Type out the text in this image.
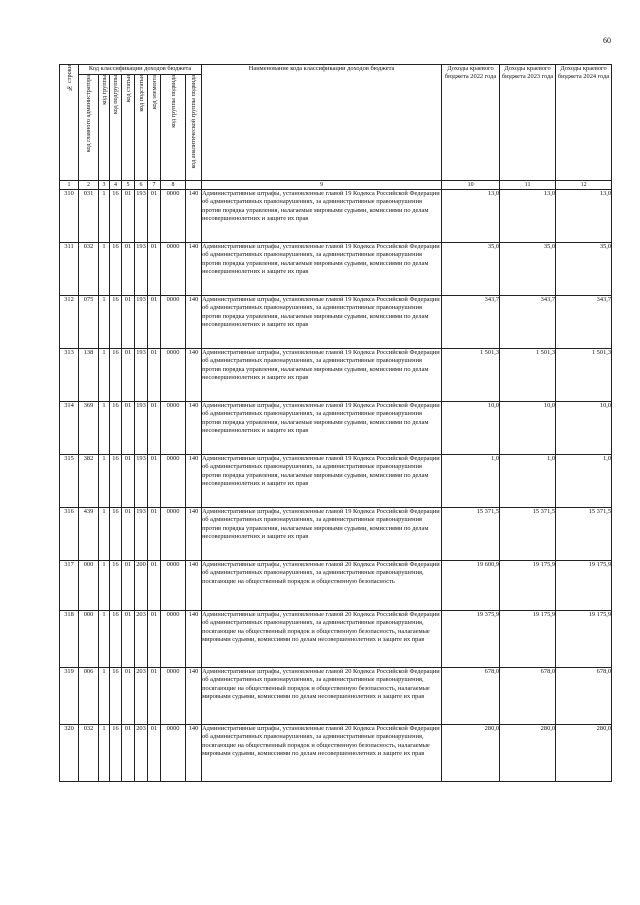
60
№ строки	Код классификации доходов бюджета								Наименование кода классификации доходов бюджета	Доходы краевого бюджета 2022 года	Доходы краевого бюджета 2023 года	Доходы краевого бюджета 2024 года
	код главного администратора	код группы	код подгруппы	код статьи	код подстатьи	код элемента	код группы подвида	код аналитической группы подвида				
1	2	3	4	5	6	7	8		9	10	11	12
310	031	1	16	01	193	01	0000	140	Административные штрафы, установленные главой 19 Кодекса Российской Федерации об административных правонарушениях, за административные правонарушения против порядка управления, налагаемые мировыми судьями, комиссиями по делам несовершеннолетних и защите их прав	13,0	13,0	13,0
311	032	1	16	01	193	01	0000	140	Административные штрафы, установленные главой 19 Кодекса Российской Федерации об административных правонарушениях, за административные правонарушения против порядка управления, налагаемые мировыми судьями, комиссиями по делам несовершеннолетних и защите их прав	35,0	35,0	35,0
312	075	1	16	01	193	01	0000	140	Административные штрафы, установленные главой 19 Кодекса Российской Федерации об административных правонарушениях, за административные правонарушения против порядка управления, налагаемые мировыми судьями, комиссиями по делам несовершеннолетних и защите их прав	343,7	343,7	343,7
313	138	1	16	01	193	01	0000	140	Административные штрафы, установленные главой 19 Кодекса Российской Федерации об административных правонарушениях, за административные правонарушения против порядка управления, налагаемые мировыми судьями, комиссиями по делам несовершеннолетних и защите их прав	1 501,3	1 501,3	1 501,3
314	369	1	16	01	193	01	0000	140	Административные штрафы, установленные главой 19 Кодекса Российской Федерации об административных правонарушениях, за административные правонарушения против порядка управления, налагаемые мировыми судьями, комиссиями по делам несовершеннолетних и защите их прав	10,0	10,0	10,0
315	382	1	16	01	193	01	0000	140	Административные штрафы, установленные главой 19 Кодекса Российской Федерации об административных правонарушениях, за административные правонарушения против порядка управления, налагаемые мировыми судьями, комиссиями по делам несовершеннолетних и защите их прав	1,0	1,0	1,0
316	439	1	16	01	193	01	0000	140	Административные штрафы, установленные главой 19 Кодекса Российской Федерации об административных правонарушениях, за административные правонарушения против порядка управления, налагаемые мировыми судьями, комиссиями по делам несовершеннолетних и защите их прав	15 371,5	15 371,5	15 371,5
317	000	1	16	01	200	01	0000	140	Административные штрафы, установленные главой 20 Кодекса Российской Федерации об административных правонарушениях, за административные правонарушения, посягающие на общественный порядок и общественную безопасность	19 600,9	19 175,9	19 175,9
318	000	1	16	01	203	01	0000	140	Административные штрафы, установленные главой 20 Кодекса Российской Федерации об административных правонарушениях, за административные правонарушения, посягающие на общественный порядок и общественную безопасность, налагаемые мировыми судьями, комиссиями по делам несовершеннолетних и защите их прав	19 375,9	19 175,9	19 175,9
319	006	1	16	01	203	01	0000	140	Административные штрафы, установленные главой 20 Кодекса Российской Федерации об административных правонарушениях, за административные правонарушения, посягающие на общественный порядок и общественную безопасность, налагаемые мировыми судьями, комиссиями по делам несовершеннолетних и защите их прав	678,0	678,0	678,0
320	032	1	16	01	203	01	0000	140	Административные штрафы, установленные главой 20 Кодекса Российской Федерации об административных правонарушениях, за административные правонарушения, посягающие на общественный порядок и общественную безопасность, налагаемые мировыми судьями, комиссиями по делам несовершеннолетних и защите их прав	280,0	280,0	280,0
